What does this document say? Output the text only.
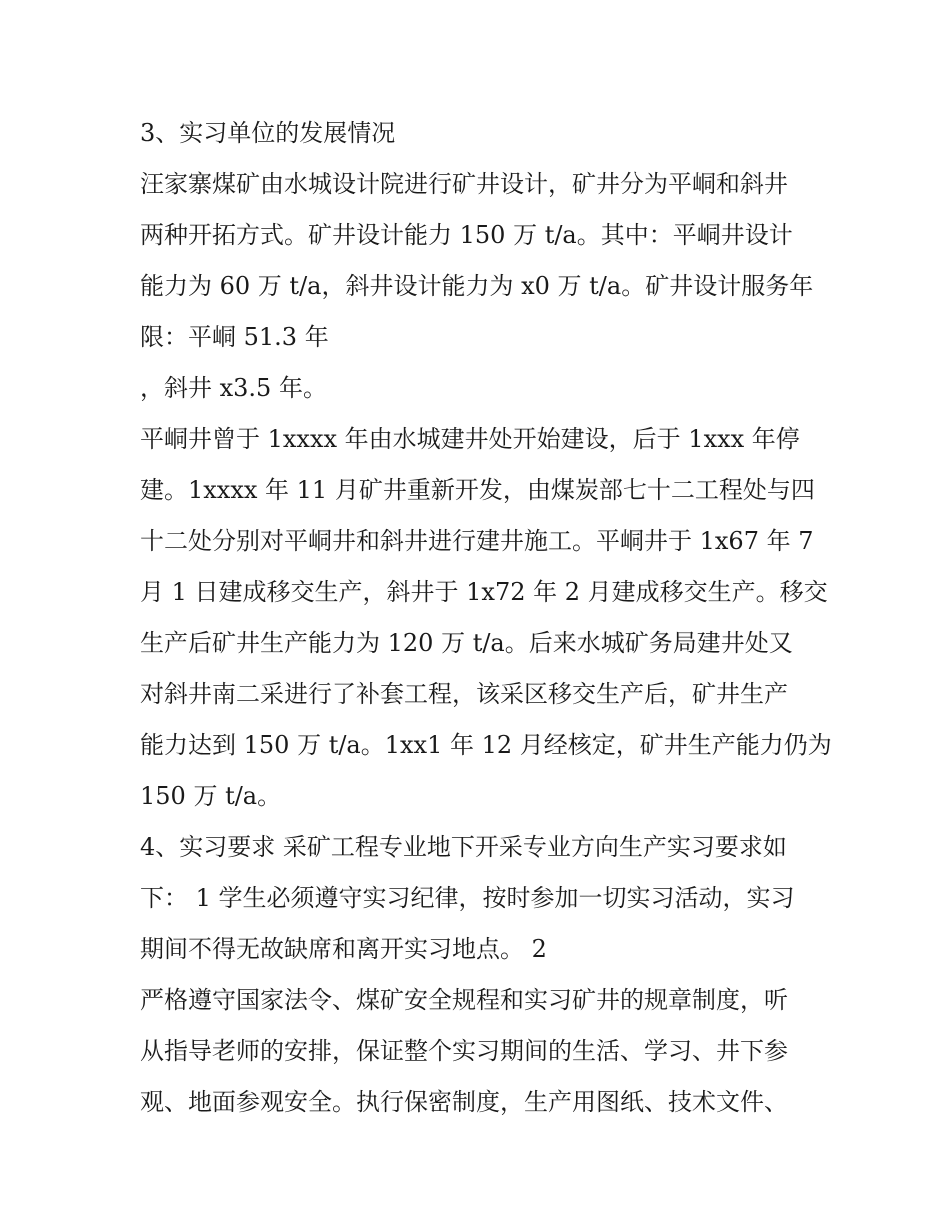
3、实习单位的发展情况
汪家寨煤矿由水城设计院进行矿井设计，矿井分为平峒和斜井
两种开拓方式。矿井设计能力 150 万 t/a。其中：平峒井设计
能力为 60 万 t/a，斜井设计能力为 x0 万 t/a。矿井设计服务年
限：平峒 51.3 年
，斜井 x3.5 年。
平峒井曾于 1xxxx 年由水城建井处开始建设，后于 1xxx 年停
建。1xxxx 年 11 月矿井重新开发，由煤炭部七十二工程处与四
十二处分别对平峒井和斜井进行建井施工。平峒井于 1x67 年 7
月 1 日建成移交生产，斜井于 1x72 年 2 月建成移交生产。移交
生产后矿井生产能力为 120 万 t/a。后来水城矿务局建井处又
对斜井南二采进行了补套工程，该采区移交生产后，矿井生产
能力达到 150 万 t/a。1xx1 年 12 月经核定，矿井生产能力仍为
150 万 t/a。
4、实习要求 采矿工程专业地下开采专业方向生产实习要求如
下： 1 学生必须遵守实习纪律，按时参加一切实习活动，实习
期间不得无故缺席和离开实习地点。 2
严格遵守国家法令、煤矿安全规程和实习矿井的规章制度，听
从指导老师的安排，保证整个实习期间的生活、学习、井下参
观、地面参观安全。执行保密制度，生产用图纸、技术文件、
